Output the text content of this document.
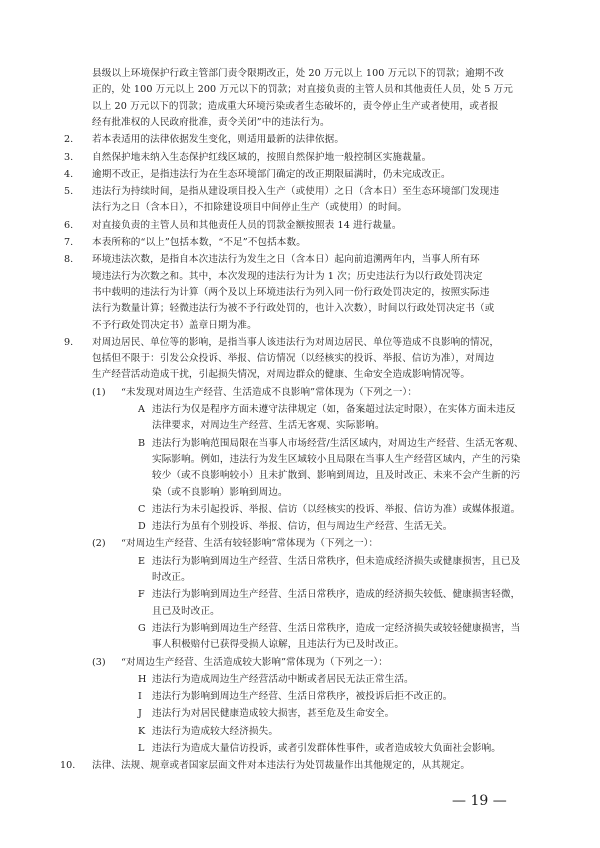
县级以上环境保护行政主管部门责令限期改正，处 20 万元以上 100 万元以下的罚款；逾期不改
正的，处 100 万元以上 200 万元以下的罚款；对直接负责的主管人员和其他责任人员，处 5 万元
以上 20 万元以下的罚款；造成重大环境污染或者生态破坏的，责令停止生产或者使用，或者报
经有批准权的人民政府批准，责令关闭”中的违法行为。
2. 若本表适用的法律依据发生变化，则适用最新的法律依据。
3. 自然保护地未纳入生态保护红线区域的，按照自然保护地一般控制区实施裁量。
4. 逾期不改正，是指违法行为在生态环境部门确定的改正期限届满时，仍未完成改正。
5. 违法行为持续时间，是指从建设项目投入生产（或使用）之日（含本日）至生态环境部门发现违
法行为之日（含本日），不扣除建设项目中间停止生产（或使用）的时间。
6. 对直接负责的主管人员和其他责任人员的罚款金额按照表 14 进行裁量。
7. 本表所称的“以上”包括本数，“不足”不包括本数。
8. 环境违法次数，是指自本次违法行为发生之日（含本日）起向前追溯两年内，当事人所有环
境违法行为次数之和。其中，本次发现的违法行为计为 1 次；历史违法行为以行政处罚决定
书中载明的违法行为计算（两个及以上环境违法行为列入同一份行政处罚决定的，按照实际违
法行为数量计算；轻微违法行为被不予行政处罚的，也计入次数），时间以行政处罚决定书（或
不予行政处罚决定书）盖章日期为准。
9. 对周边居民、单位等的影响，是指当事人该违法行为对周边居民、单位等造成不良影响的情况，
包括但不限于：引发公众投诉、举报、信访情况（以经核实的投诉、举报、信访为准），对周边
生产经营活动造成干扰，引起损失情况，对周边群众的健康、生命安全造成影响情况等。
(1) “未发现对周边生产经营、生活造成不良影响”常体现为（下列之一）：
A 违法行为仅是程序方面未遵守法律规定（如，备案超过法定时限），在实体方面未违反
法律要求，对周边生产经营、生活无客观、实际影响。
B 违法行为影响范围局限在当事人市场经营/生活区域内，对周边生产经营、生活无客观、
实际影响。例如，违法行为发生区域较小且局限在当事人生产经营区域内，产生的污染
较少（或不良影响较小）且未扩散到、影响到周边，且及时改正、未来不会产生新的污
染（或不良影响）影响到周边。
C 违法行为未引起投诉、举报、信访（以经核实的投诉、举报、信访为准）或媒体报道。
D 违法行为虽有个别投诉、举报、信访，但与周边生产经营、生活无关。
(2) “对周边生产经营、生活有较轻影响”常体现为（下列之一）：
E 违法行为影响到周边生产经营、生活日常秩序，但未造成经济损失或健康损害，且已及
时改正。
F 违法行为影响到周边生产经营、生活日常秩序，造成的经济损失较低、健康损害轻微，
且已及时改正。
G 违法行为影响到周边生产经营、生活日常秩序，造成一定经济损失或较轻健康损害，当
事人积极赔付已获得受损人谅解，且违法行为已及时改正。
(3) “对周边生产经营、生活造成较大影响”常体现为（下列之一）：
H 违法行为造成周边生产经营活动中断或者居民无法正常生活。
I 违法行为影响到周边生产经营、生活日常秩序，被投诉后拒不改正的。
J 违法行为对居民健康造成较大损害，甚至危及生命安全。
K 违法行为造成较大经济损失。
L 违法行为造成大量信访投诉，或者引发群体性事件，或者造成较大负面社会影响。
10. 法律、法规、规章或者国家层面文件对本违法行为处罚裁量作出其他规定的，从其规定。
— 19 —
